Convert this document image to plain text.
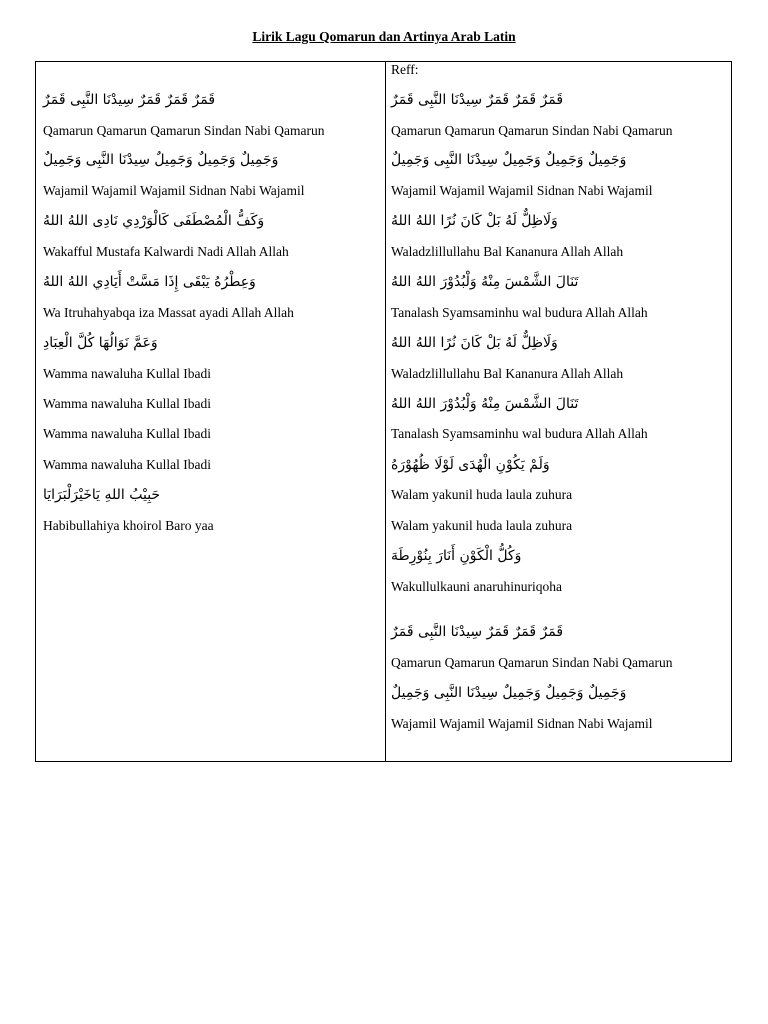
Lirik Lagu Qomarun dan Artinya Arab Latin
قَمَرٌ قَمَرٌ قَمَرٌ سِيدْنَا النَّبِى قَمَرٌ
Qamarun Qamarun Qamarun Sindan Nabi Qamarun
وَجَمِيلٌ وَجَمِيلٌ وَجَمِيلٌ سِيدْنَا النَّبِى وَجَمِيلٌ
Wajamil Wajamil Wajamil Sidnan Nabi Wajamil
وَكَفُّ الْمُصْطَفَى كَالْوَرْدِي نَادِى اللهُ اللهُ
Wakafful Mustafa Kalwardi Nadi Allah Allah
وَعِطْرُهُ يَبْقَى إِذَا مَسَّتْ أَيَادِي اللهُ اللهُ
Wa Itruhahyabqa iza Massat ayadi Allah Allah
وَعَمَّ نَوَالُهَا كُلَّ الْعِبَادِ
Wamma nawaluha Kullal Ibadi
Wamma nawaluha Kullal Ibadi
Wamma nawaluha Kullal Ibadi
Wamma nawaluha Kullal Ibadi
حَبِيْبُ اللهِ يَاخَيْرَلْبَرَايَا
Habibullahiya khoirol Baro yaa
Reff:
قَمَرٌ قَمَرٌ قَمَرٌ سِيدْنَا النَّبِى قَمَرٌ
Qamarun Qamarun Qamarun Sindan Nabi Qamarun
وَجَمِيلٌ وَجَمِيلٌ وَجَمِيلٌ سِيدْنَا النَّبِى وَجَمِيلٌ
Wajamil Wajamil Wajamil Sidnan Nabi Wajamil
وَلَاظِلٌّ لَهُ بَلْ كَانَ نُرًا اللهُ اللهُ
Waladzlillullahu Bal Kananura Allah Allah
تَنَالَ الشَّمْسَ مِنْهُ وَلْبُدُوْرَ اللهُ اللهُ
Tanalash Syamsaminhu wal budura Allah Allah
وَلَاظِلٌّ لَهُ بَلْ كَانَ نُرًا اللهُ اللهُ
Waladzlillullahu Bal Kananura Allah Allah
تَنَالَ الشَّمْسَ مِنْهُ وَلْبُدُوْرَ اللهُ اللهُ
Tanalash Syamsaminhu wal budura Allah Allah
وَلَمْ يَكُوْنِ الْهُدَى لَوْلَا ظُهُوْرَهُ
Walam yakunil huda laula zuhura
Walam yakunil huda laula zuhura
وَكُلُّ الْكَوْنِ أَنَارَ بِنُوْرِطَهَ
Wakullulkauni anaruhinuriqoha
قَمَرٌ قَمَرٌ قَمَرٌ سِيدْنَا النَّبِى قَمَرٌ
Qamarun Qamarun Qamarun Sindan Nabi Qamarun
وَجَمِيلٌ وَجَمِيلٌ وَجَمِيلٌ سِيدْنَا النَّبِى وَجَمِيلٌ
Wajamil Wajamil Wajamil Sidnan Nabi Wajamil
